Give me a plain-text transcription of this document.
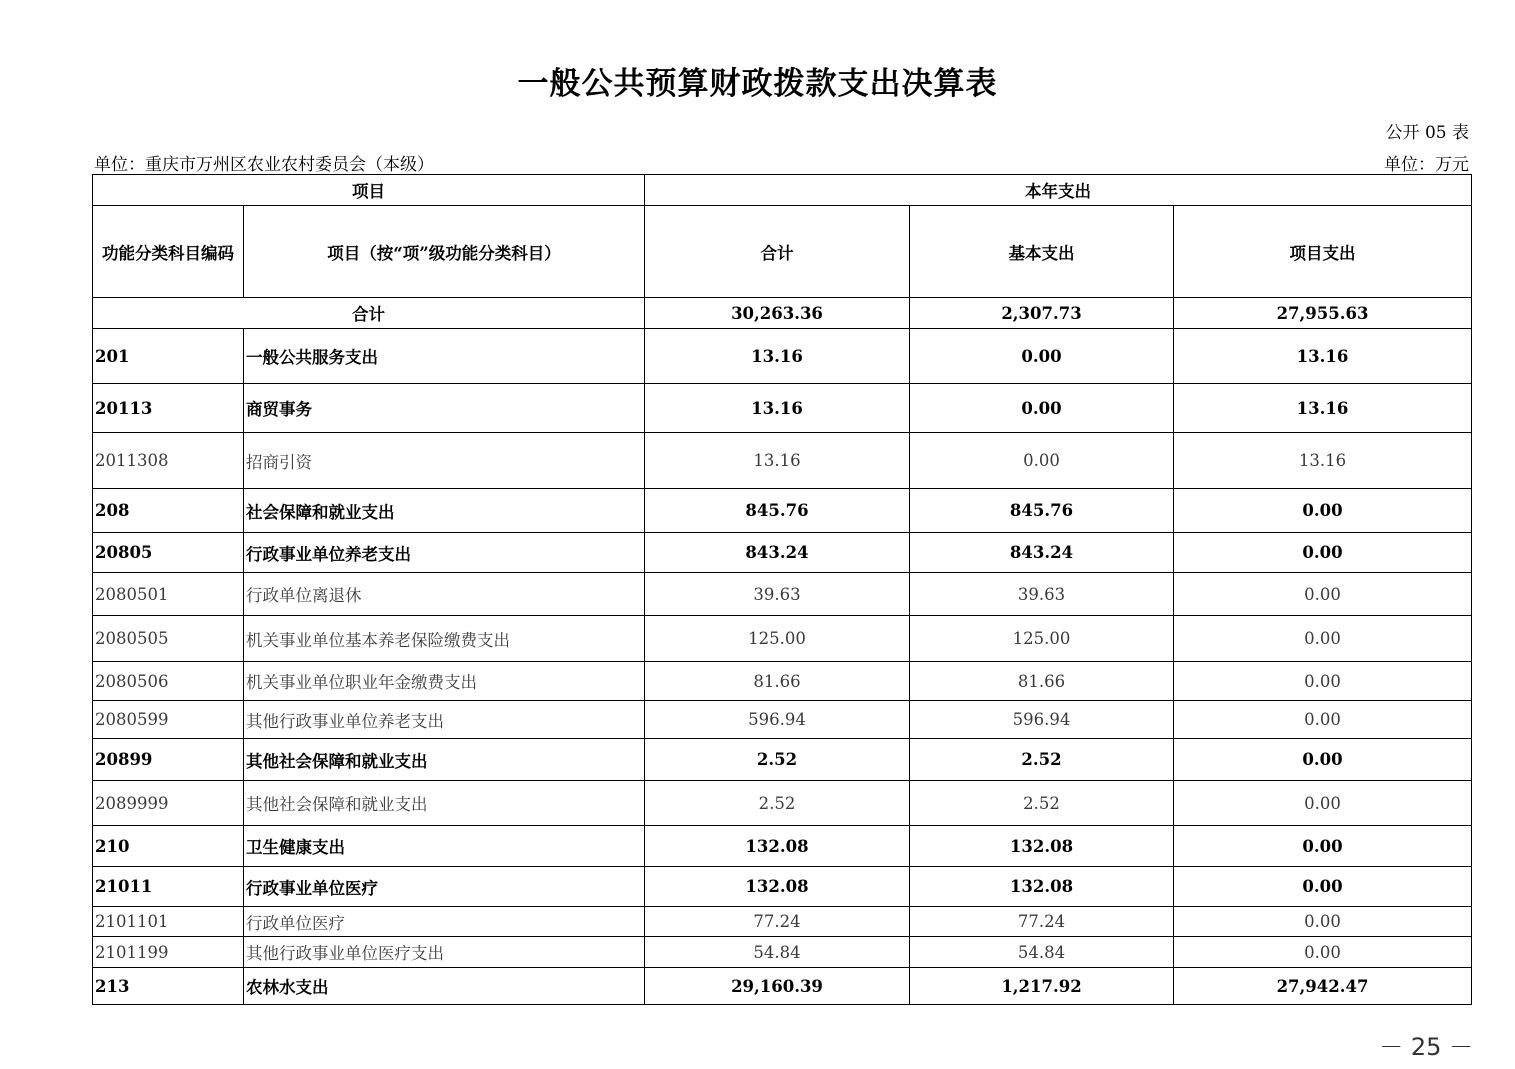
一般公共预算财政拨款支出决算表
公开 05 表
单位：重庆市万州区农业农村委员会（本级）	单位：万元
项目		本年支出		
功能分类科目编码	项目（按“项”级功能分类科目）	合计	基本支出	项目支出
合计		30,263.36	2,307.73	27,955.63
201	一般公共服务支出	13.16	0.00	13.16
20113	商贸事务	13.16	0.00	13.16
2011308	招商引资	13.16	0.00	13.16
208	社会保障和就业支出	845.76	845.76	0.00
20805	行政事业单位养老支出	843.24	843.24	0.00
2080501	行政单位离退休	39.63	39.63	0.00
2080505	机关事业单位基本养老保险缴费支出	125.00	125.00	0.00
2080506	机关事业单位职业年金缴费支出	81.66	81.66	0.00
2080599	其他行政事业单位养老支出	596.94	596.94	0.00
20899	其他社会保障和就业支出	2.52	2.52	0.00
2089999	其他社会保障和就业支出	2.52	2.52	0.00
210	卫生健康支出	132.08	132.08	0.00
21011	行政事业单位医疗	132.08	132.08	0.00
2101101	行政单位医疗	77.24	77.24	0.00
2101199	其他行政事业单位医疗支出	54.84	54.84	0.00
213	农林水支出	29,160.39	1,217.92	27,942.47
－ 25 －
